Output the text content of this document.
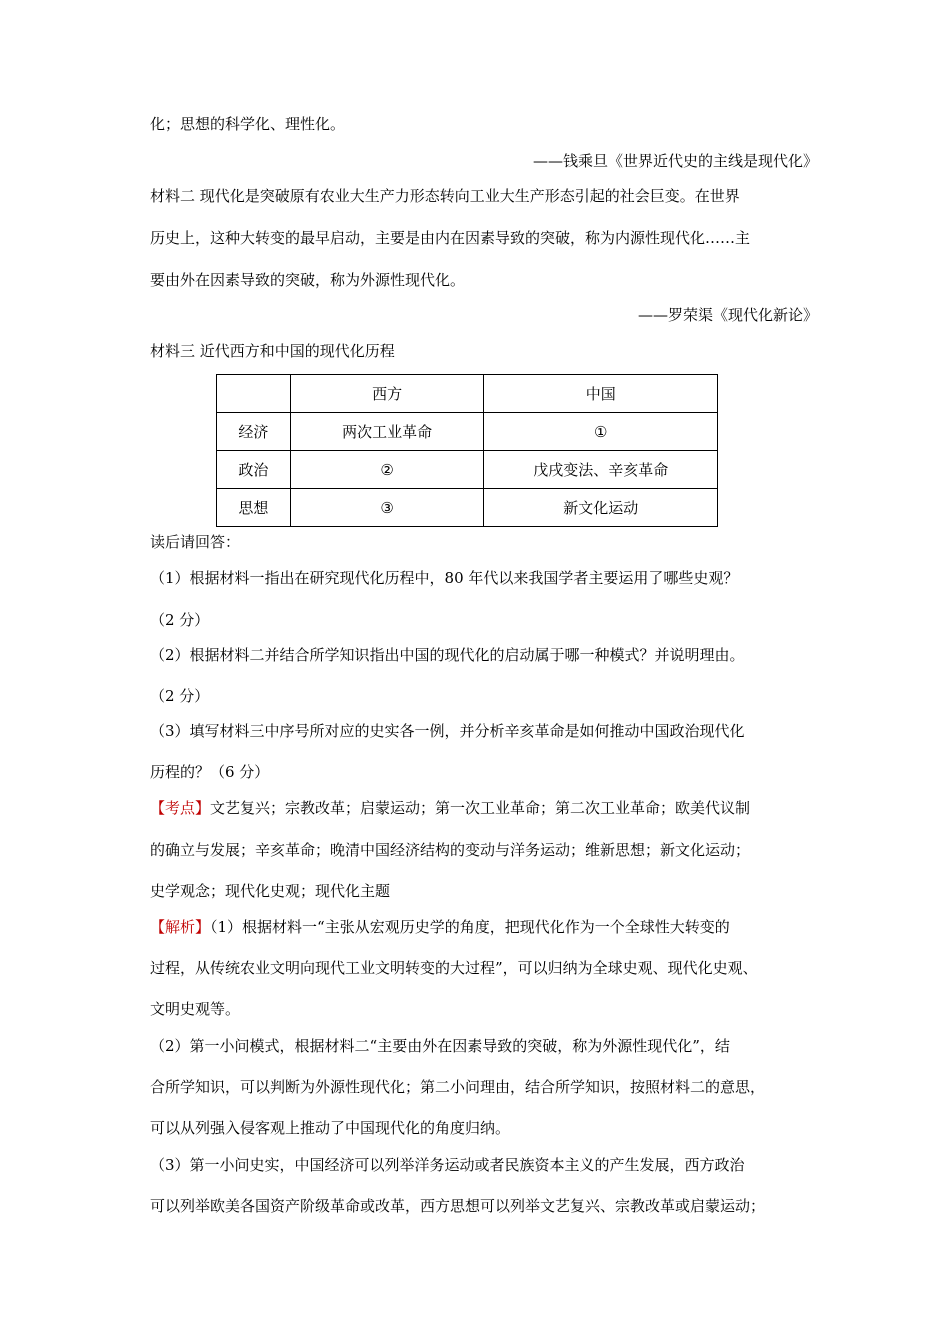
化；思想的科学化、理性化。
——钱乘旦《世界近代史的主线是现代化》
材料二 现代化是突破原有农业大生产力形态转向工业大生产形态引起的社会巨变。在世界
历史上，这种大转变的最早启动，主要是由内在因素导致的突破，称为内源性现代化……主
要由外在因素导致的突破，称为外源性现代化。
——罗荣渠《现代化新论》
材料三 近代西方和中国的现代化历程
	西方	中国
经济	两次工业革命	①
政治	②	戊戌变法、辛亥革命
思想	③	新文化运动
读后请回答：
（1）根据材料一指出在研究现代化历程中，80 年代以来我国学者主要运用了哪些史观？
（2 分）
（2）根据材料二并结合所学知识指出中国的现代化的启动属于哪一种模式？并说明理由。
（2 分）
（3）填写材料三中序号所对应的史实各一例，并分析辛亥革命是如何推动中国政治现代化
历程的？（6 分）
【考点】文艺复兴；宗教改革；启蒙运动；第一次工业革命；第二次工业革命；欧美代议制
的确立与发展；辛亥革命；晚清中国经济结构的变动与洋务运动；维新思想；新文化运动；
史学观念；现代化史观；现代化主题
【解析】（1）根据材料一“主张从宏观历史学的角度，把现代化作为一个全球性大转变的
过程，从传统农业文明向现代工业文明转变的大过程”，可以归纳为全球史观、现代化史观、
文明史观等。
（2）第一小问模式，根据材料二“主要由外在因素导致的突破，称为外源性现代化”，结
合所学知识，可以判断为外源性现代化；第二小问理由，结合所学知识，按照材料二的意思，
可以从列强入侵客观上推动了中国现代化的角度归纳。
（3）第一小问史实，中国经济可以列举洋务运动或者民族资本主义的产生发展，西方政治
可以列举欧美各国资产阶级革命或改革，西方思想可以列举文艺复兴、宗教改革或启蒙运动；
